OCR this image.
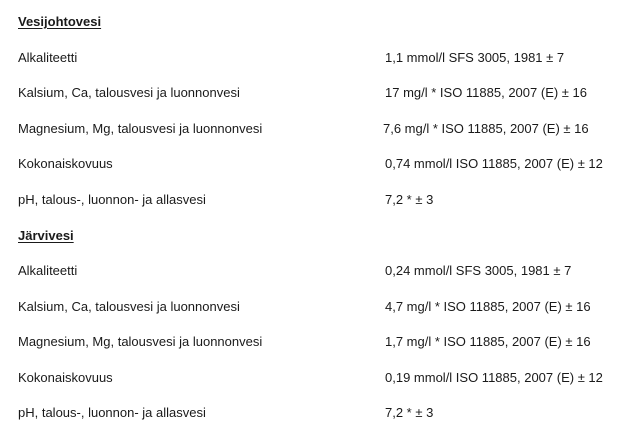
Vesijohtovesi
Alkaliteetti	1,1 mmol/l SFS 3005, 1981 ± 7
Kalsium, Ca, talousvesi ja luonnonvesi	17 mg/l * ISO 11885, 2007 (E) ± 16
Magnesium, Mg, talousvesi ja luonnonvesi	7,6 mg/l * ISO 11885, 2007 (E) ± 16
Kokonaiskovuus	0,74 mmol/l ISO 11885, 2007 (E) ± 12
pH, talous-, luonnon- ja allasvesi	7,2 * ± 3
Järvivesi
Alkaliteetti	0,24 mmol/l SFS 3005, 1981 ± 7
Kalsium, Ca, talousvesi ja luonnonvesi	4,7 mg/l * ISO 11885, 2007 (E) ± 16
Magnesium, Mg, talousvesi ja luonnonvesi	1,7 mg/l * ISO 11885, 2007 (E) ± 16
Kokonaiskovuus	0,19 mmol/l ISO 11885, 2007 (E) ± 12
pH, talous-, luonnon- ja allasvesi	7,2 * ± 3
